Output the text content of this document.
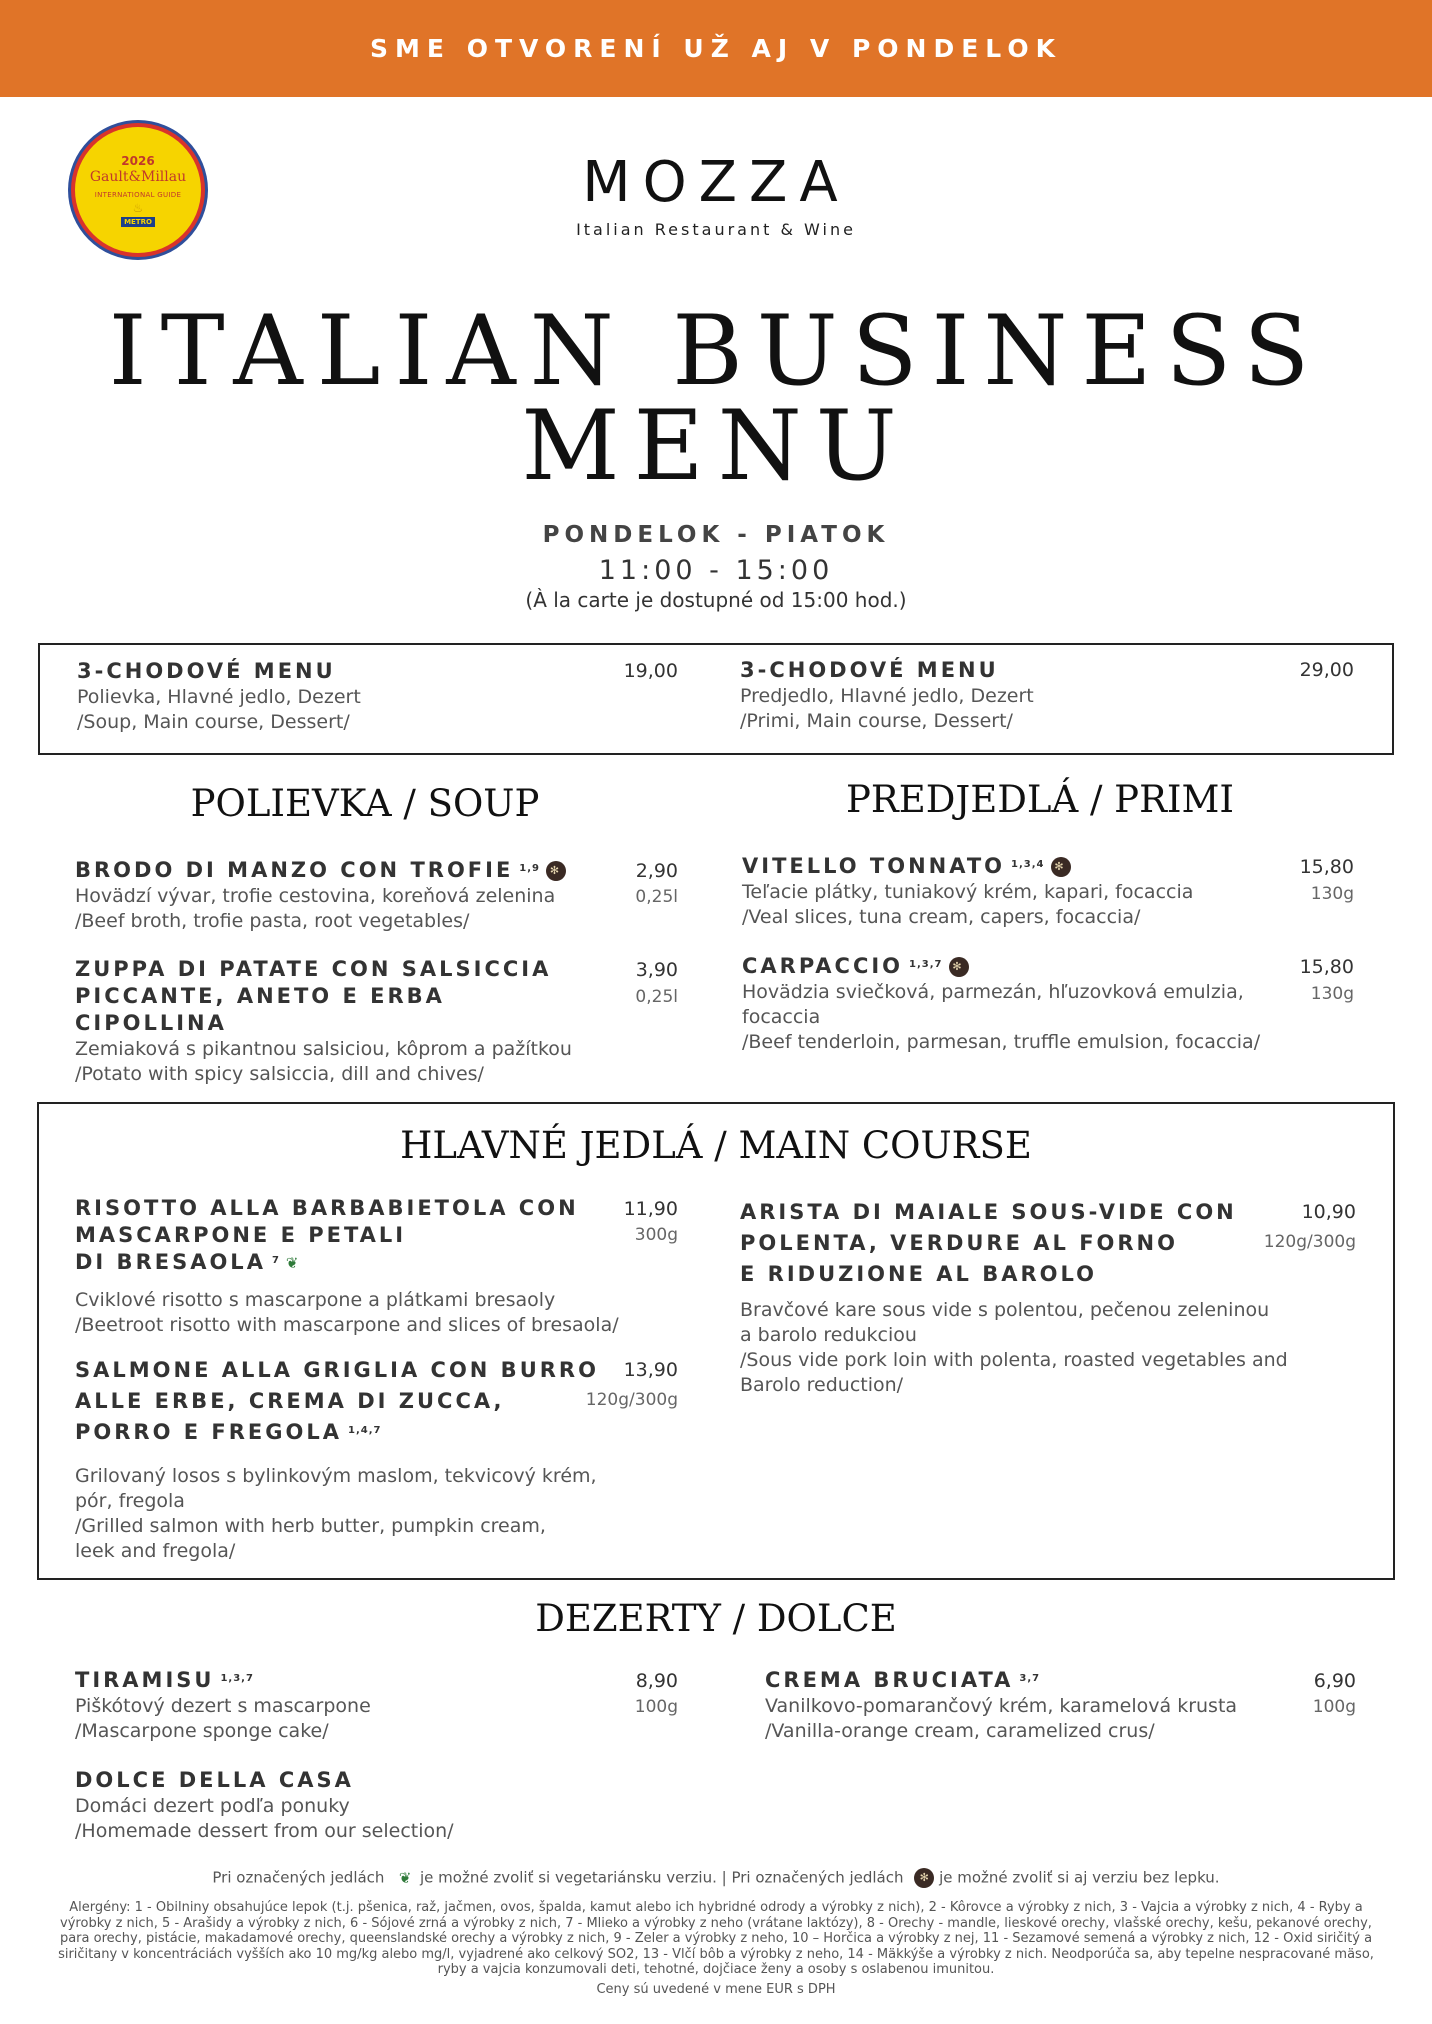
SME OTVORENÍ UŽ AJ V PONDELOK
2026
Gault&Millau
INTERNATIONAL GUIDE
♨
METRO
MOZZA
Italian Restaurant & Wine
ITALIAN BUSINESS
MENU
PONDELOK - PIATOK
11:00 - 15:00
(À la carte je dostupné od 15:00 hod.)
3-CHODOVÉ MENU
Polievka, Hlavné jedlo, Dezert
/Soup, Main course, Dessert/
19,00	3-CHODOVÉ MENU
Predjedlo, Hlavné jedlo, Dezert
/Primi, Main course, Dessert/
29,00
POLIEVKA / SOUP	PREDJEDLÁ / PRIMI
BRODO DI MANZO CON TROFIE $^{1,9}$ ✻
Hovädzí vývar, trofie cestovina, koreňová zelenina
/Beef broth, trofie pasta, root vegetables/
2,90
0,25l
ZUPPA DI PATATE CON SALSICCIA
PICCANTE, ANETO E ERBA CIPOLLINA
Zemiaková s pikantnou salsiciou, kôprom a pažítkou
/Potato with spicy salsiccia, dill and chives/
3,90
0,25l
VITELLO TONNATO $^{1,3,4}$ ✻
Teľacie plátky, tuniakový krém, kapari, focaccia
/Veal slices, tuna cream, capers, focaccia/
15,80
130g
CARPACCIO $^{1,3,7}$ ✻
Hovädzia sviečková, parmezán, hľuzovková emulzia,
focaccia
/Beef tenderloin, parmesan, truffle emulsion, focaccia/
15,80
130g
HLAVNÉ JEDLÁ / MAIN COURSE
RISOTTO ALLA BARBABIETOLA CON
MASCARPONE E PETALI
DI BRESAOLA $^7$ ❦
Cviklové risotto s mascarpone a plátkami bresaoly
/Beetroot risotto with mascarpone and slices of bresaola/
11,90
300g
SALMONE ALLA GRIGLIA CON BURRO
ALLE ERBE, CREMA DI ZUCCA,
PORRO E FREGOLA $^{1,4,7}$
Grilovaný losos s bylinkovým maslom, tekvicový krém,
pór, fregola
/Grilled salmon with herb butter, pumpkin cream,
leek and fregola/
13,90
120g/300g
ARISTA DI MAIALE SOUS-VIDE CON
POLENTA, VERDURE AL FORNO
E RIDUZIONE AL BAROLO
Bravčové kare sous vide s polentou, pečenou zeleninou
a barolo redukciou
/Sous vide pork loin with polenta, roasted vegetables and
Barolo reduction/
10,90
120g/300g
DEZERTY / DOLCE
TIRAMISU $^{1,3,7}$
Piškótový dezert s mascarpone
/Mascarpone sponge cake/
8,90
100g
CREMA BRUCIATA $^{3,7}$
Vanilkovo-pomarančový krém, karamelová krusta
/Vanilla-orange cream, caramelized crus/
6,90
100g
DOLCE DELLA CASA
Domáci dezert podľa ponuky
/Homemade dessert from our selection/
Pri označených jedlách ❦ je možné zvoliť si vegetariánsku verziu. | Pri označených jedlách ✻ je možné zvoliť si aj verziu bez lepku.
Alergény: 1 - Obilniny obsahujúce lepok (t.j. pšenica, raž, jačmen, ovos, špalda, kamut alebo ich hybridné odrody a výrobky z nich), 2 - Kôrovce a výrobky z nich, 3 - Vajcia a výrobky z nich, 4 - Ryby a výrobky z nich, 5 - Arašidy a výrobky z nich, 6 - Sójové zrná a výrobky z nich, 7 - Mlieko a výrobky z neho (vrátane laktózy), 8 - Orechy - mandle, lieskové orechy, vlašské orechy, kešu, pekanové orechy, para orechy, pistácie, makadamové orechy, queenslandské orechy a výrobky z nich, 9 - Zeler a výrobky z neho, 10 – Horčica a výrobky z nej, 11 - Sezamové semená a výrobky z nich, 12 - Oxid siričitý a siričitany v koncentráciách vyšších ako 10 mg/kg alebo mg/l, vyjadrené ako celkový SO2, 13 - Vlčí bôb a výrobky z neho, 14 - Mäkkýše a výrobky z nich. Neodporúča sa, aby tepelne nespracované mäso, ryby a vajcia konzumovali deti, tehotné, dojčiace ženy a osoby s oslabenou imunitou.
Ceny sú uvedené v mene EUR s DPH
